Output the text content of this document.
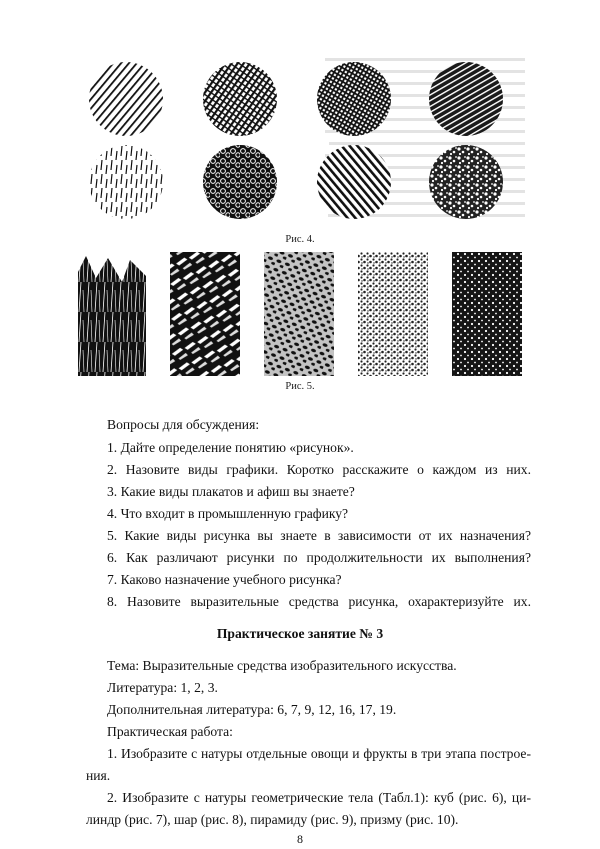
Рис. 4.
Рис. 5.
Вопросы для обсуждения:
1. Дайте определение понятию «рисунок».
2. Назовите виды графики. Коротко расскажите о каждом из них.
3. Какие виды плакатов и афиш вы знаете?
4. Что входит в промышленную графику?
5. Какие виды рисунка вы знаете в зависимости от их назначения?
6. Как различают рисунки по продолжительности их выполнения?
7. Каково назначение учебного рисунка?
8. Назовите выразительные средства рисунка, охарактеризуйте их.
Практическое занятие № 3
Тема: Выразительные средства изобразительного искусства.
Литература: 1, 2, 3.
Дополнительная литература: 6, 7, 9, 12, 16, 17, 19.
Практическая работа:
1. Изобразите с натуры отдельные овощи и фрукты в три этапа построе-
ния.
2. Изобразите с натуры геометрические тела (Табл.1): куб (рис. 6), ци-
линдр (рис. 7), шар (рис. 8), пирамиду (рис. 9), призму (рис. 10).
8
